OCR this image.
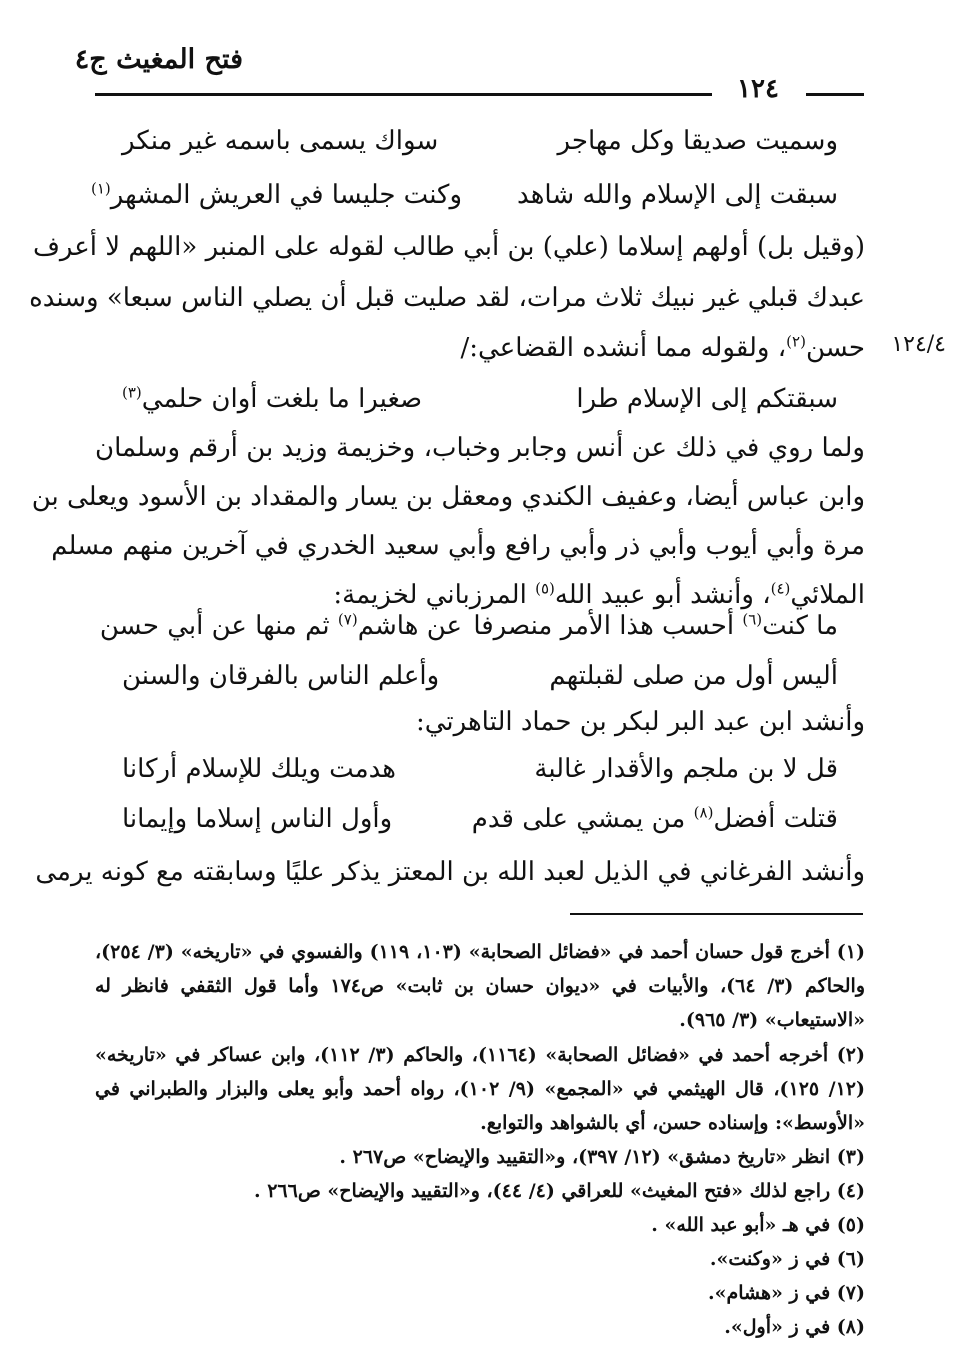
فتح المغيث ج٤
١٢٤
وسميت صديقا وكل مهاجر
سواك يسمى باسمه غير منكر
سبقت إلى الإسلام والله شاهد
وكنت جليسا في العريش المشهر$^{(١)}$
(وقيل بل) أولهم إسلاما (علي) بن أبي طالب لقوله على المنبر «اللهم لا أعرف
عبدك قبلي غير نبيك ثلاث مرات، لقد صليت قبل أن يصلي الناس سبعا» وسنده
حسن$^{(٢)}$، ولقوله مما أنشده القضاعي:/	١٢٤/٤
سبقتكم إلى الإسلام طرا
صغيرا ما بلغت أوان حلمي$^{(٣)}$
ولما روي في ذلك عن أنس وجابر وخباب، وخزيمة وزيد بن أرقم وسلمان
وابن عباس أيضا، وعفيف الكندي ومعقل بن يسار والمقداد بن الأسود ويعلى بن
مرة وأبي أيوب وأبي ذر وأبي رافع وأبي سعيد الخدري في آخرين منهم مسلم
الملائي$^{(٤)}$، وأنشد أبو عبيد الله$^{(٥)}$ المرزباني لخزيمة:
ما كنت$^{(٦)}$ أحسب هذا الأمر منصرفا
عن هاشم$^{(٧)}$ ثم منها عن أبي حسن
أليس أول من صلى لقبلتهم
وأعلم الناس بالفرقان والسنن
وأنشد ابن عبد البر لبكر بن حماد التاهرتي:
قل لا بن ملجم والأقدار غالبة
هدمت ويلك للإسلام أركانا
قتلت أفضل$^{(٨)}$ من يمشي على قدم
وأول الناس إسلاما وإيمانا
وأنشد الفرغاني في الذيل لعبد الله بن المعتز يذكر عليًا وسابقته مع كونه يرمى
(١) أخرج قول حسان أحمد في «فضائل الصحابة» (١٠٣، ١١٩) والفسوي في «تاريخه» (٣/ ٢٥٤)،
والحاكم (٣/ ٦٤)، والأبيات في «ديوان حسان بن ثابت» ص١٧٤ وأما قول الثقفي فانظر له
«الاستيعاب» (٣/ ٩٦٥).
(٢) أخرجه أحمد في «فضائل الصحابة» (١١٦٤)، والحاكم (٣/ ١١٢)، وابن عساكر في «تاريخه»
(١٢/ ١٢٥)، قال الهيثمي في «المجمع» (٩/ ١٠٢)، رواه أحمد وأبو يعلى والبزار والطبراني في
«الأوسط»: وإسناده حسن، أي بالشواهد والتوابع.
(٣) انظر «تاريخ دمشق» (١٢/ ٣٩٧)، و«التقييد والإيضاح» ص٢٦٧ .
(٤) راجع لذلك «فتح المغيث» للعراقي (٤/ ٤٤)، و«التقييد والإيضاح» ص٢٦٦ .
(٥) في هـ «أبو عبد الله» .
(٦) في ز «وكنت».
(٧) في ز «هشام».
(٨) في ز «أول».
